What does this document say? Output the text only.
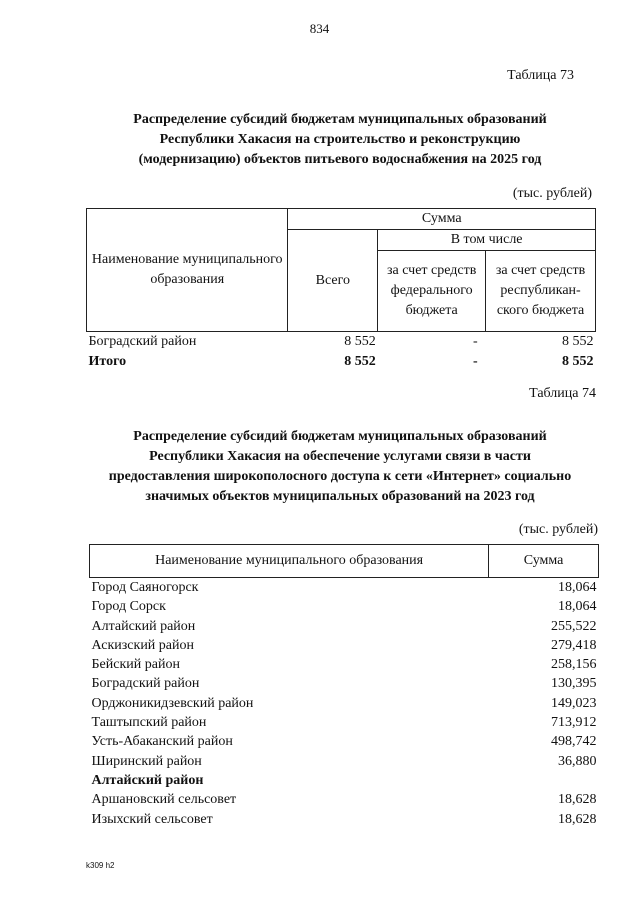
834
Таблица 73
Распределение субсидий бюджетам муниципальных образований
Республики Хакасия на строительство и реконструкцию
(модернизацию) объектов питьевого водоснабжения на 2025 год
(тыс. рублей)
Наименование муниципального образования	Сумма		
	Всего	В том числе	
		за счет средств федерального бюджета	за счет средств республикан-ского бюджета
Боградский район	8 552	-	8 552
Итого	8 552	-	8 552
Таблица 74
Распределение субсидий бюджетам муниципальных образований
Республики Хакасия на обеспечение услугами связи в части
предоставления широкополосного доступа к сети «Интернет» социально
значимых объектов муниципальных образований на 2023 год
(тыс. рублей)
Наименование муниципального образования	Сумма
Город Саяногорск	18,064
Город Сорск	18,064
Алтайский район	255,522
Аскизский район	279,418
Бейский район	258,156
Боградский район	130,395
Орджоникидзевский район	149,023
Таштыпский район	713,912
Усть-Абаканский район	498,742
Ширинский район	36,880
Алтайский район	
Аршановский сельсовет	18,628
Изыхский сельсовет	18,628
k309 h2
